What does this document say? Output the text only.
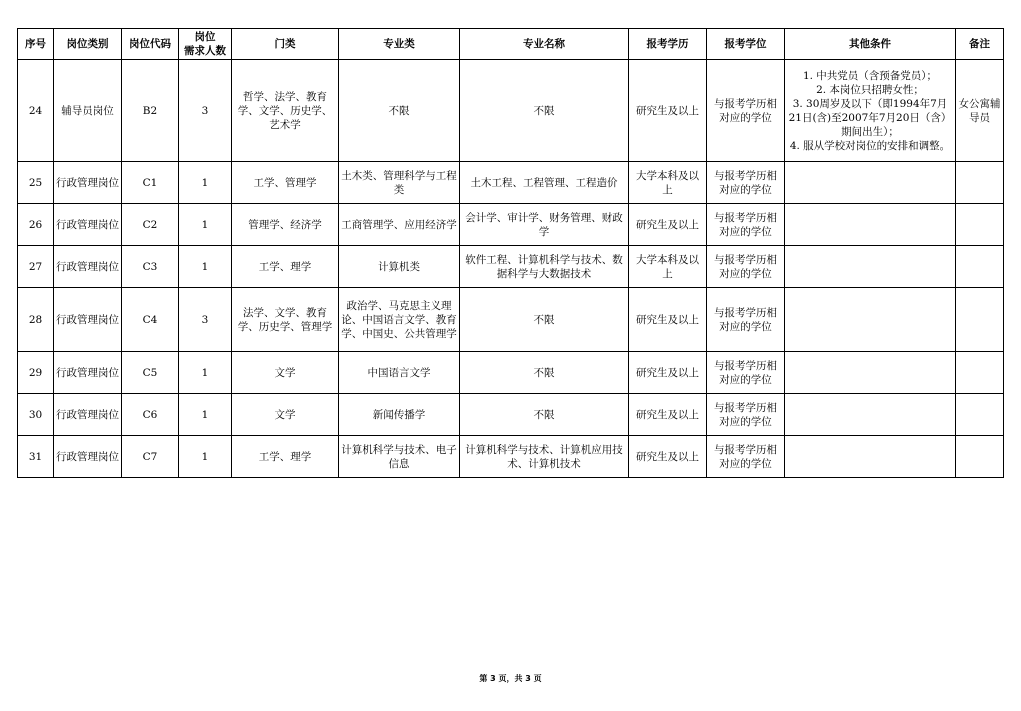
序号	岗位类别	岗位代码	岗位
需求人数	门类	专业类	专业名称	报考学历	报考学位	其他条件	备注
24	辅导员岗位	B2	3	哲学、法学、教育学、文学、历史学、艺术学	不限	不限	研究生及以上	与报考学历相对应的学位	1. 中共党员（含预备党员）；
2. 本岗位只招聘女性；
3. 30周岁及以下（即1994年7月21日(含)至2007年7月20日（含）期间出生）；
4. 服从学校对岗位的安排和调整。	女公寓辅导员
25	行政管理岗位	C1	1	工学、管理学	土木类、管理科学与工程类	土木工程、工程管理、工程造价	大学本科及以上	与报考学历相对应的学位		
26	行政管理岗位	C2	1	管理学、经济学	工商管理学、应用经济学	会计学、审计学、财务管理、财政学	研究生及以上	与报考学历相对应的学位		
27	行政管理岗位	C3	1	工学、理学	计算机类	软件工程、计算机科学与技术、数据科学与大数据技术	大学本科及以上	与报考学历相对应的学位		
28	行政管理岗位	C4	3	法学、文学、教育学、历史学、管理学	政治学、马克思主义理论、中国语言文学、教育学、中国史、公共管理学	不限	研究生及以上	与报考学历相对应的学位		
29	行政管理岗位	C5	1	文学	中国语言文学	不限	研究生及以上	与报考学历相对应的学位		
30	行政管理岗位	C6	1	文学	新闻传播学	不限	研究生及以上	与报考学历相对应的学位		
31	行政管理岗位	C7	1	工学、理学	计算机科学与技术、电子信息	计算机科学与技术、计算机应用技术、计算机技术	研究生及以上	与报考学历相对应的学位		
第 3 页，共 3 页
